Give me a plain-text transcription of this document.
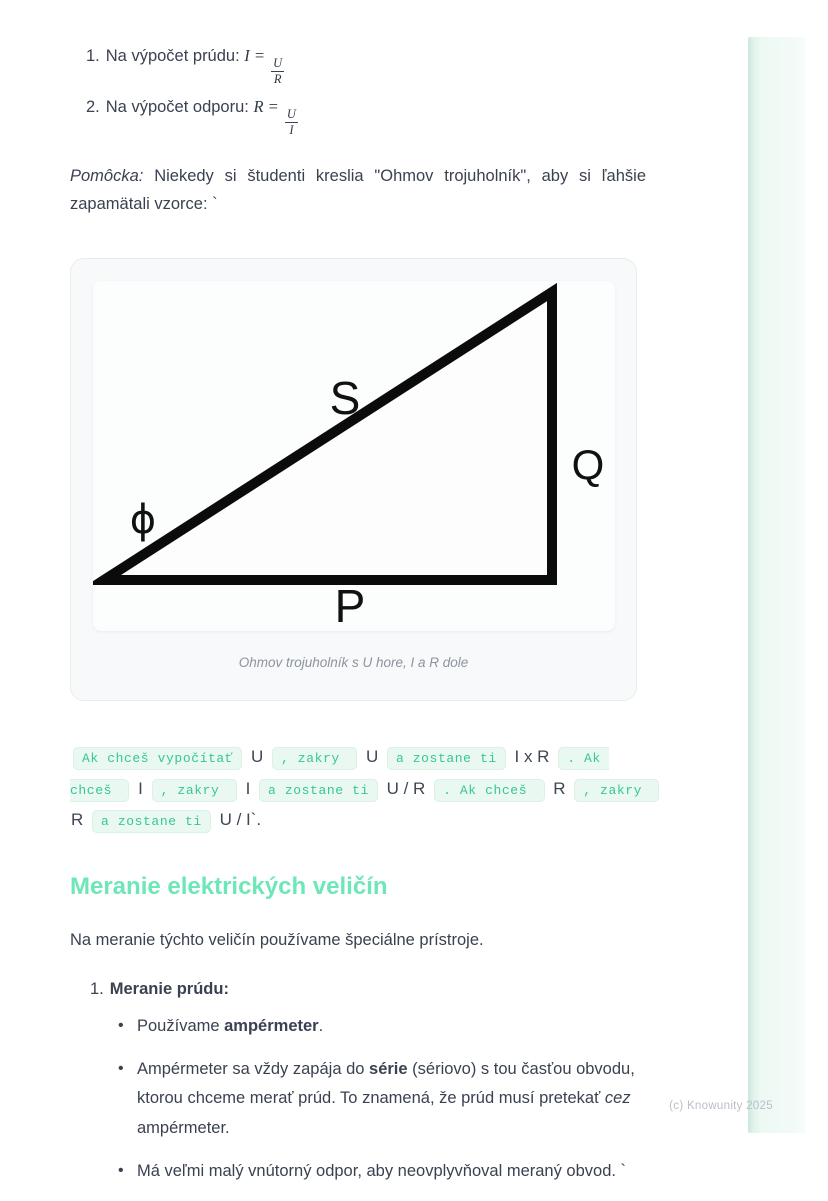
1. Na výpočet prúdu: I =
$\frac{U}{R}$
2. Na výpočet odporu: R =
$\frac{U}{I}$

Pomôcka: Niekedy si študenti kreslia "Ohmov trojuholník", aby si ľahšie zapamätali vzorce: `

S
Q
P
ϕ
Ohmov trojuholník s U hore, I a R dole

Ak chceš vypočítať U , zakry  U a zostane ti I x R . Ak chceš  I , zakry  I a zostane ti U / R . Ak chceš  R , zakry  R a zostane ti U / I`.

Meranie elektrických veličín

Na meranie týchto veličín používame špeciálne prístroje.

1. Meranie prúdu:
• Používame ampérmeter.
• Ampérmeter sa vždy zapája do série (sériovo) s tou časťou obvodu, ktorou chceme merať prúd. To znamená, že prúd musí pretekať cez ampérmeter.
• Má veľmi malý vnútorný odpor, aby neovplyvňoval meraný obvod. `
(c) Knowunity 2025
